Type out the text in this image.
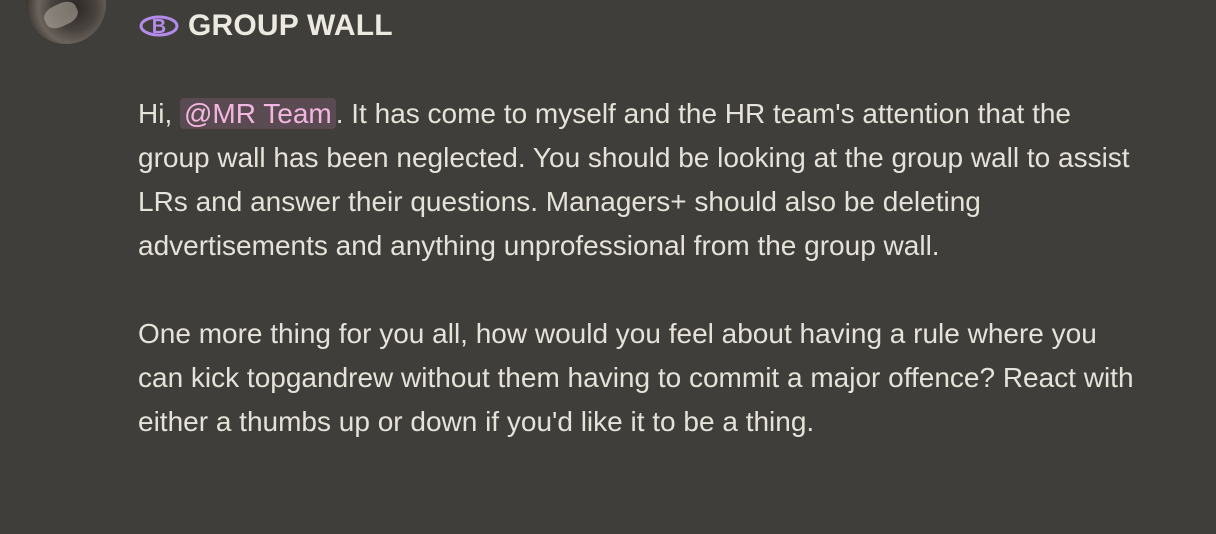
B GROUP WALL

Hi, @MR Team . It has come to myself and the HR team's attention that the group wall has been neglected. You should be looking at the group wall to assist LRs and answer their questions. Managers+ should also be deleting advertisements and anything unprofessional from the group wall.

One more thing for you all, how would you feel about having a rule where you can kick topgandrew without them having to commit a major offence? React with either a thumbs up or down if you'd like it to be a thing.
